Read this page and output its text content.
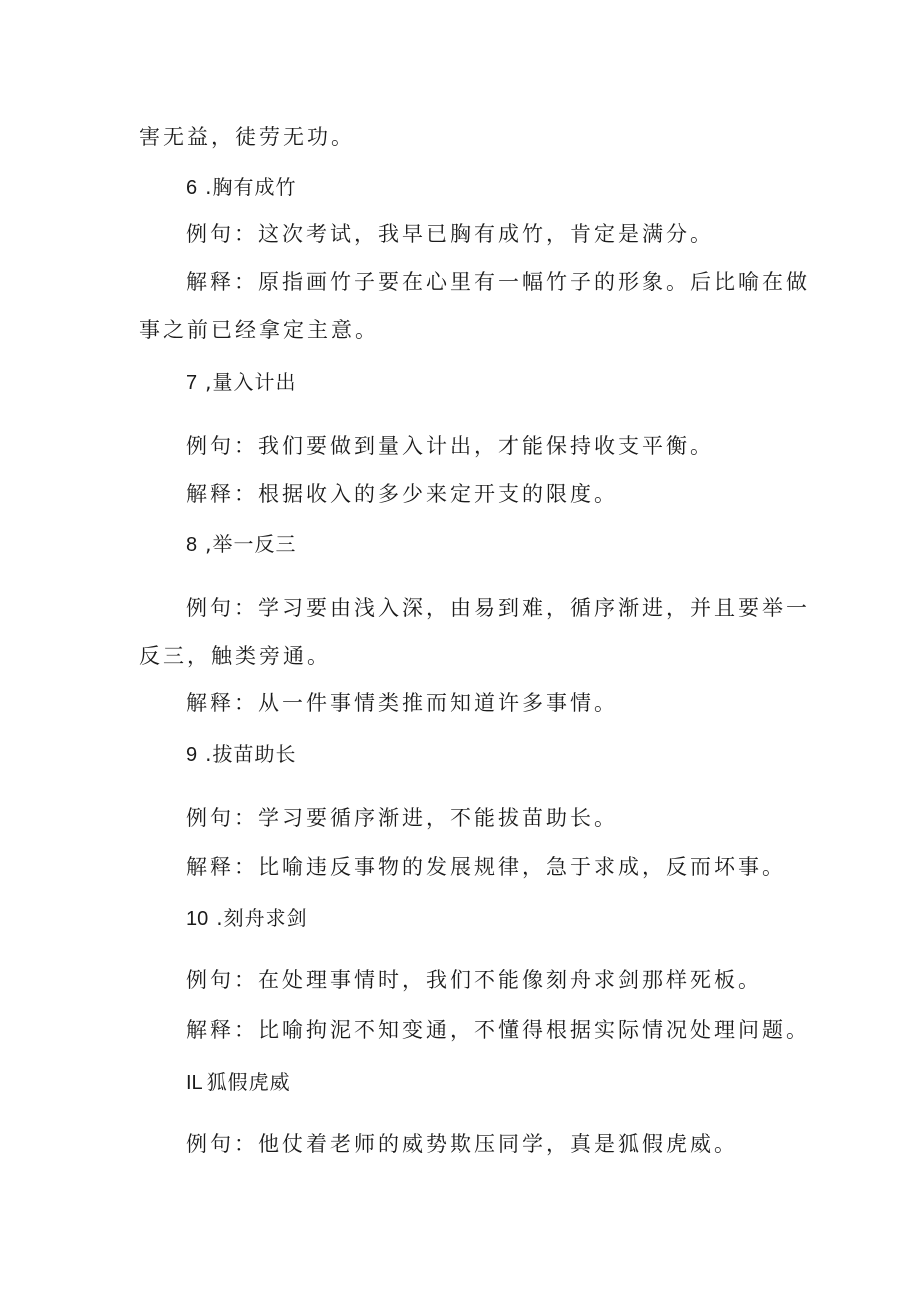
害无益，徒劳无功。
6 .胸有成竹
例句：这次考试，我早已胸有成竹，肯定是满分。
解释：原指画竹子要在心里有一幅竹子的形象。后比喻在做
事之前已经拿定主意。
7 ,量入计出
例句：我们要做到量入计出，才能保持收支平衡。
解释：根据收入的多少来定开支的限度。
8 ,举一反三
例句：学习要由浅入深，由易到难，循序渐进，并且要举一
反三，触类旁通。
解释：从一件事情类推而知道许多事情。
9 .拔苗助长
例句：学习要循序渐进，不能拔苗助长。
解释：比喻违反事物的发展规律，急于求成，反而坏事。
10 .刻舟求剑
例句：在处理事情时，我们不能像刻舟求剑那样死板。
解释：比喻拘泥不知变通，不懂得根据实际情况处理问题。
IL 狐假虎威
例句：他仗着老师的威势欺压同学，真是狐假虎威。
